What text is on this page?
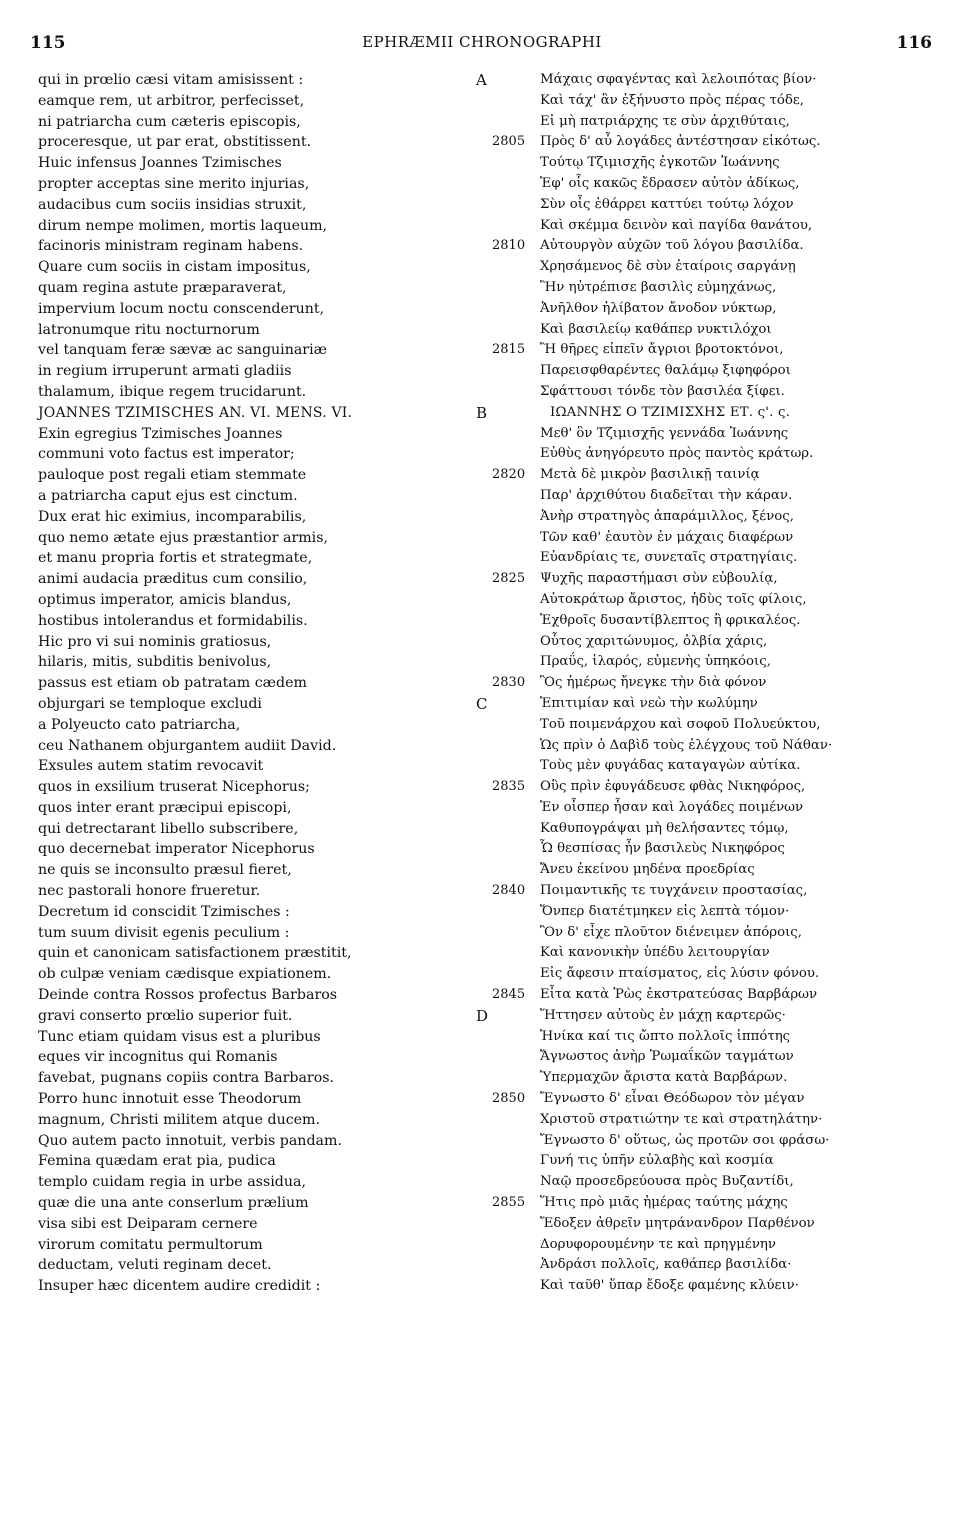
115	EPHRÆMII CHRONOGRAPHI	116
qui in prœlio cæsi vitam amisissent :
eamque rem, ut arbitror, perfecisset,
ni patriarcha cum cæteris episcopis,
proceresque, ut par erat, obstitissent.
Huic infensus Joannes Tzimisches
propter acceptas sine merito injurias,
audacibus cum sociis insidias struxit,
dirum nempe molimen, mortis laqueum,
facinoris ministram reginam habens.
Quare cum sociis in cistam impositus,
quam regina astute præparaverat,
impervium locum noctu conscenderunt,
latronumque ritu nocturnorum
vel tanquam feræ sævæ ac sanguinariæ
in regium irruperunt armati gladiis
thalamum, ibique regem trucidarunt.
JOANNES TZIMISCHES AN. VI. MENS. VI.
Exin egregius Tzimisches Joannes
communi voto factus est imperator;
pauloque post regali etiam stemmate
a patriarcha caput ejus est cinctum.
Dux erat hic eximius, incomparabilis,
quo nemo ætate ejus præstantior armis,
et manu propria fortis et strategmate,
animi audacia præditus cum consilio,
optimus imperator, amicis blandus,
hostibus intolerandus et formidabilis.
Hic pro vi sui nominis gratiosus,
hilaris, mitis, subditis benivolus,
passus est etiam ob patratam cædem
objurgari se temploque excludi
a Polyeucto cato patriarcha,
ceu Nathanem objurgantem audiit David.
Exsules autem statim revocavit
quos in exsilium truserat Nicephorus;
quos inter erant præcipui episcopi,
qui detrectarant libello subscribere,
quo decernebat imperator Nicephorus
ne quis se inconsulto præsul fieret,
nec pastorali honore frueretur.
Decretum id conscidit Tzimisches :
tum suum divisit egenis peculium :
quin et canonicam satisfactionem præstitit,
ob culpæ veniam cædisque expiationem.
Deinde contra Rossos profectus Barbaros
gravi conserto prœlio superior fuit.
Tunc etiam quidam visus est a pluribus
eques vir incognitus qui Romanis
favebat, pugnans copiis contra Barbaros.
Porro hunc innotuit esse Theodorum
magnum, Christi militem atque ducem.
Quo autem pacto innotuit, verbis pandam.
Femina quædam erat pia, pudica
templo cuidam regia in urbe assidua,
quæ die una ante conserlum prælium
visa sibi est Deiparam cernere
virorum comitatu permultorum
deductam, veluti reginam decet.
Insuper hæc dicentem audire credidit :
A
B
C
D
2805
2810
2815
2820
2825
2830
2835
2840
2845
2850
2855
Μάχαις σφαγέντας καὶ λελοιπότας βίον·
Καὶ τάχ' ἂν ἐξήνυστο πρὸς πέρας τόδε,
Εἰ μὴ πατριάρχης τε σὺν ἀρχιθύταις,
Πρὸς δ' αὖ λογάδες ἀντέστησαν εἰκότως.
Τούτῳ Τζιμισχῆς ἐγκοτῶν Ἰωάννης
Ἐφ' οἷς κακῶς ἔδρασεν αὐτὸν ἀδίκως,
Σὺν οἷς ἐθάρρει καττύει τούτῳ λόχον
Καὶ σκέμμα δεινὸν καὶ παγίδα θανάτου,
Αὐτουργὸν αὐχῶν τοῦ λόγου βασιλίδα.
Χρησάμενος δὲ σὺν ἑταίροις σαργάνῃ
Ἣν ηὐτρέπισε βασιλὶς εὐμηχάνως,
Ἀνῆλθον ἠλίβατον ἄνοδον νύκτωρ,
Καὶ βασιλείῳ καθάπερ νυκτιλόχοι
Ἢ θῆρες εἰπεῖν ἄγριοι βροτοκτόνοι,
Παρεισφθαρέντες θαλάμῳ ξιφηφόροι
Σφάττουσι τόνδε τὸν βασιλέα ξίφει.
ΙΩΑΝΝΗΣ Ο ΤΖΙΜΙΣΧΗΣ ΕΤ. ς'. ς.
Μεθ' ὃν Τζιμισχῆς γεννάδα Ἰωάννης
Εὐθὺς ἀνηγόρευτο πρὸς παντὸς κράτωρ.
Μετὰ δὲ μικρὸν βασιλικῇ ταινίᾳ
Παρ' ἀρχιθύτου διαδεῖται τὴν κάραν.
Ἀνὴρ στρατηγὸς ἀπαράμιλλος, ξένος,
Τῶν καθ' ἑαυτὸν ἐν μάχαις διαφέρων
Εὐανδρίαις τε, συνεταῖς στρατηγίαις.
Ψυχῆς παραστήμασι σὺν εὐβουλίᾳ,
Αὐτοκράτωρ ἄριστος, ἡδὺς τοῖς φίλοις,
Ἐχθροῖς δυσαντίβλεπτος ἢ φρικαλέος.
Οὗτος χαριτώνυμος, ὀλβία χάρις,
Πραΰς, ἱλαρός, εὐμενὴς ὑπηκόοις,
Ὃς ἡμέρως ἤνεγκε τὴν διὰ φόνον
Ἐπιτιμίαν καὶ νεὼ τὴν κωλύμην
Τοῦ ποιμενάρχου καὶ σοφοῦ Πολυεύκτου,
Ὡς πρὶν ὁ Δαβὶδ τοὺς ἐλέγχους τοῦ Νάθαν·
Τοὺς μὲν φυγάδας καταγαγὼν αὐτίκα.
Οὓς πρὶν ἐφυγάδευσε φθὰς Νικηφόρος,
Ἐν οἷσπερ ἦσαν καὶ λογάδες ποιμένων
Καθυπογράψαι μὴ θελήσαντες τόμῳ,
Ὧ θεσπίσας ἦν βασιλεὺς Νικηφόρος
Ἄνευ ἐκείνου μηδένα προεδρίας
Ποιμαντικῆς τε τυγχάνειν προστασίας,
Ὅνπερ διατέτμηκεν εἰς λεπτὰ τόμον·
Ὃν δ' εἶχε πλοῦτον διένειμεν ἀπόροις,
Καὶ κανονικὴν ὑπέδυ λειτουργίαν
Εἰς ἄφεσιν πταίσματος, εἰς λύσιν φόνου.
Εἶτα κατὰ Ῥὼς ἐκστρατεύσας Βαρβάρων
Ἥττησεν αὐτοὺς ἐν μάχῃ καρτερῶς·
Ἡνίκα καί τις ὤπτο πολλοῖς ἱππότης
Ἄγνωστος ἀνὴρ Ῥωμαΐκῶν ταγμάτων
Ὑπερμαχῶν ἄριστα κατὰ Βαρβάρων.
Ἔγνωστο δ' εἶναι Θεόδωρον τὸν μέγαν
Χριστοῦ στρατιώτην τε καὶ στρατηλάτην·
Ἔγνωστο δ' οὕτως, ὡς προτῶν σοι φράσω·
Γυνή τις ὑπῆν εὐλαβὴς καὶ κοσμία
Ναῷ προσεδρεύουσα πρὸς Βυζαντίδι,
Ἥτις πρὸ μιᾶς ἡμέρας ταύτης μάχης
Ἔδοξεν ἀθρεῖν μητράνανδρον Παρθένον
Δορυφορουμένην τε καὶ πρηγμένην
Ἀνδράσι πολλοῖς, καθάπερ βασιλίδα·
Καὶ ταῦθ' ὕπαρ ἔδοξε φαμένης κλύειν·
